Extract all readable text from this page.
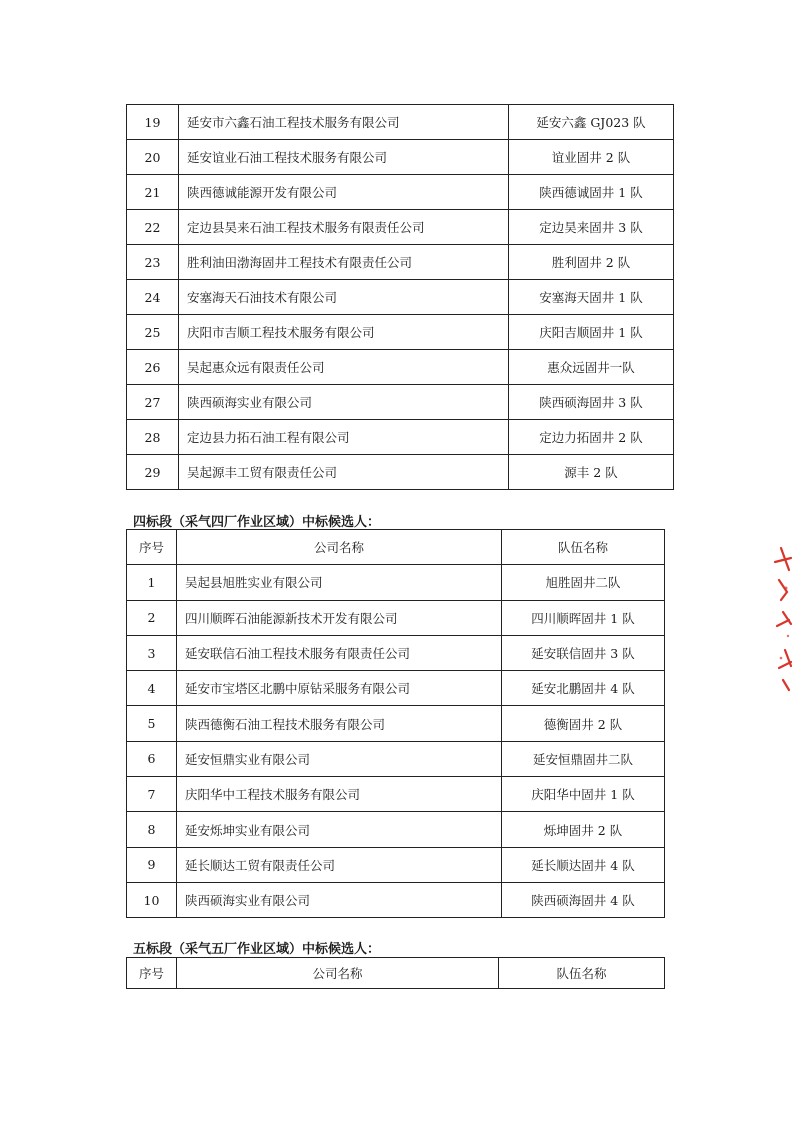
19	延安市六鑫石油工程技术服务有限公司	延安六鑫 GJ023 队
20	延安谊业石油工程技术服务有限公司	谊业固井 2 队
21	陕西德诚能源开发有限公司	陕西德诚固井 1 队
22	定边县昊来石油工程技术服务有限责任公司	定边昊来固井 3 队
23	胜利油田渤海固井工程技术有限责任公司	胜利固井 2 队
24	安塞海天石油技术有限公司	安塞海天固井 1 队
25	庆阳市吉顺工程技术服务有限公司	庆阳吉顺固井 1 队
26	吴起惠众远有限责任公司	惠众远固井一队
27	陕西硕海实业有限公司	陕西硕海固井 3 队
28	定边县力拓石油工程有限公司	定边力拓固井 2 队
29	吴起源丰工贸有限责任公司	源丰 2 队
四标段（采气四厂作业区域）中标候选人：
序号	公司名称	队伍名称
1	吴起县旭胜实业有限公司	旭胜固井二队
2	四川顺晖石油能源新技术开发有限公司	四川顺晖固井 1 队
3	延安联信石油工程技术服务有限责任公司	延安联信固井 3 队
4	延安市宝塔区北鹏中原钻采服务有限公司	延安北鹏固井 4 队
5	陕西德衡石油工程技术服务有限公司	德衡固井 2 队
6	延安恒鼎实业有限公司	延安恒鼎固井二队
7	庆阳华中工程技术服务有限公司	庆阳华中固井 1 队
8	延安烁坤实业有限公司	烁坤固井 2 队
9	延长顺达工贸有限责任公司	延长顺达固井 4 队
10	陕西硕海实业有限公司	陕西硕海固井 4 队
五标段（采气五厂作业区域）中标候选人：
序号	公司名称	队伍名称
